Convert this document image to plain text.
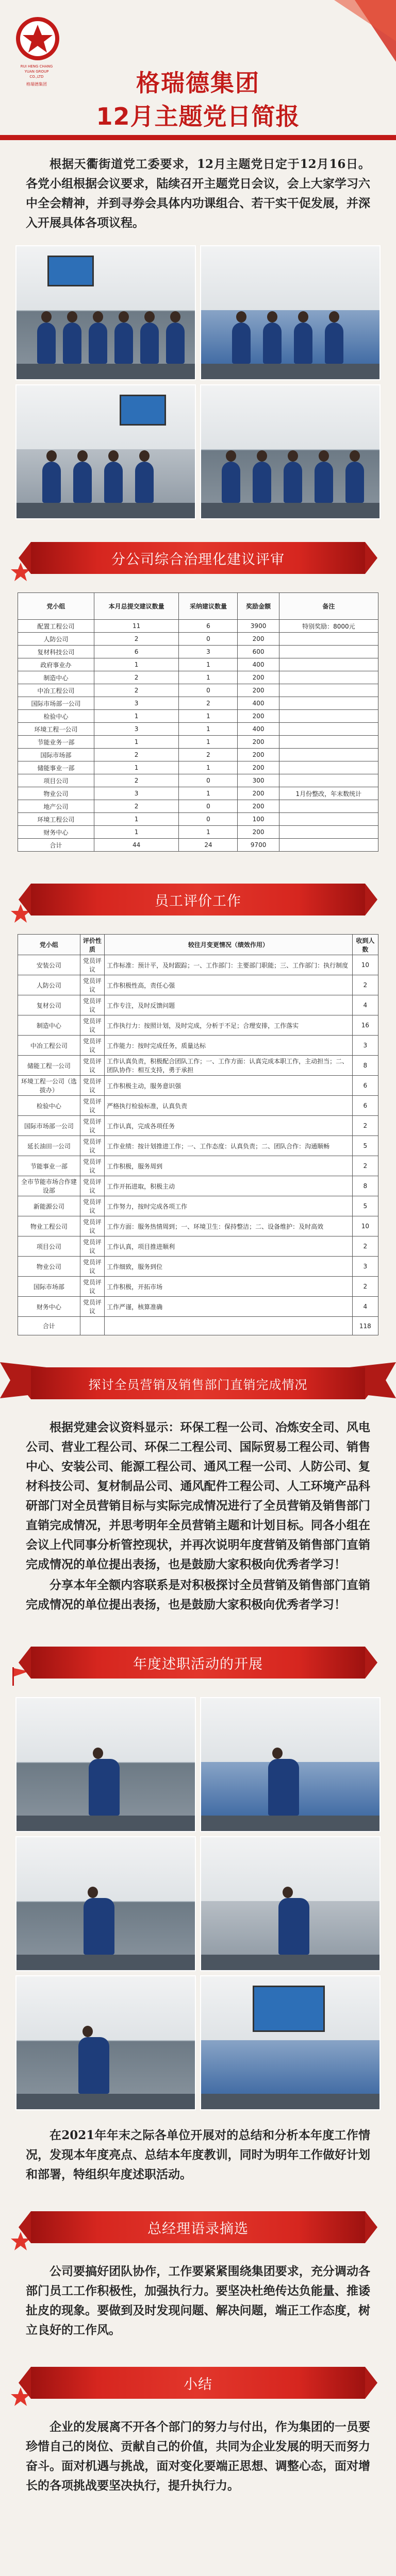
RUI HENG CHANG YUAN GROUP CO.,LTD
格瑞德集团	格瑞德集团
12月主题党日简报

根据天衢街道党工委要求，12月主题党日定于12月16日。各党小组根据会议要求，陆续召开主题党日会议，会上大家学习六中全会精神，并到寻券会具体内功课组合、若干实干促发展，并深入开展具体各项议程。

分公司综合治理化建议评审
党小组	本月总提交建议数量	采纳建议数量	奖励金额	备注
配置工程公司	11	6	3900	特别奖励：8000元
人防公司	2	0	200	
复材科技公司	6	3	600	
政府事业办	1	1	400	
制造中心	2	1	200	
中冶工程公司	2	0	200	
国际市场部一公司	3	2	400	
检验中心	1	1	200	
环境工程一公司	3	1	400	
节能业务一部	1	1	200	
国际市场部	2	2	200	
储能事业一部	1	1	200	
项目公司	2	0	300	
物业公司	3	1	200	1月份整改，年末数统计
地产公司	2	0	200	
环境工程公司	1	0	100	
财务中心	1	1	200	
合计	44	24	9700	
员工评价工作
党小组	评价性质	较往月变更情况（绩效作用）	收到人数
安装公司	党员评议	工作标准：预计平，及时跟踪；一、工作部门：主要部门职能；三、工作部门：执行制度	10
人防公司	党员评议	工作积极性高，责任心强	2
复材公司	党员评议	工作专注，及时反馈问题	4
制造中心	党员评议	工作执行力：按照计划，及时完成，分析于不足；合理安排，工作落实	16
中冶工程公司	党员评议	工作能力：按时完成任务，质量达标	3
储能工程一公司	党员评议	工作认真负责，积极配合团队工作；一、工作方面：认真完成本职工作，主动担当；二、团队协作：相互支持，勇于承担	8
环境工程一公司（选拔办）	党员评议	工作积极主动，服务意识强	6
检验中心	党员评议	严格执行检验标准，认真负责	6
国际市场部一公司	党员评议	工作认真，完成各项任务	2
延长油田一公司	党员评议	工作业绩：按计划推进工作；一、工作态度：认真负责；二、团队合作：沟通顺畅	5
节能事业一部	党员评议	工作积极，服务周到	2
全市节能市场合作建设部	党员评议	工作开拓进取，积极主动	8
新能源公司	党员评议	工作努力，按时完成各项工作	5
物业工程公司	党员评议	工作方面：服务热情周到；一、环境卫生：保持整洁；二、设备维护：及时高效	10
项目公司	党员评议	工作认真，项目推进顺利	2
物业公司	党员评议	工作细致，服务到位	3
国际市场部	党员评议	工作积极，开拓市场	2
财务中心	党员评议	工作严谨，核算准确	4
合计			118
探讨全员营销及销售部门直销完成情况

根据党建会议资料显示：环保工程一公司、冶炼安全司、风电公司、营业工程公司、环保二工程公司、国际贸易工程公司、销售中心、安装公司、能源工程公司、通风工程一公司、人防公司、复材科技公司、复材制品公司、通风配件工程公司、人工环境产品科研部门对全员营销目标与实际完成情况进行了全员营销及销售部门直销完成情况，并思考明年全员营销主题和计划目标。同各小组在会议上代同事分析管控现状，并再次说明年度营销及销售部门直销完成情况的单位提出表扬，也是鼓励大家积极向优秀者学习！

分享本年全额内容联系是对积极探讨全员营销及销售部门直销完成情况的单位提出表扬，也是鼓励大家积极向优秀者学习！

年度述职活动的开展

在2021年年末之际各单位开展对的总结和分析本年度工作情况，发现本年度亮点、总结本年度教训，同时为明年工作做好计划和部署，特组织年度述职活动。

总经理语录摘选

公司要搞好团队协作，工作要紧紧围绕集团要求，充分调动各部门员工工作积极性，加强执行力。要坚决杜绝传达负能量、推诿扯皮的现象。要做到及时发现问题、解决问题，端正工作态度，树立良好的工作风。

小结

企业的发展离不开各个部门的努力与付出，作为集团的一员要珍惜自己的岗位、贡献自己的价值，共同为企业发展的明天而努力奋斗。面对机遇与挑战，面对变化要端正思想、调整心态，面对增长的各项挑战要坚决执行，提升执行力。
